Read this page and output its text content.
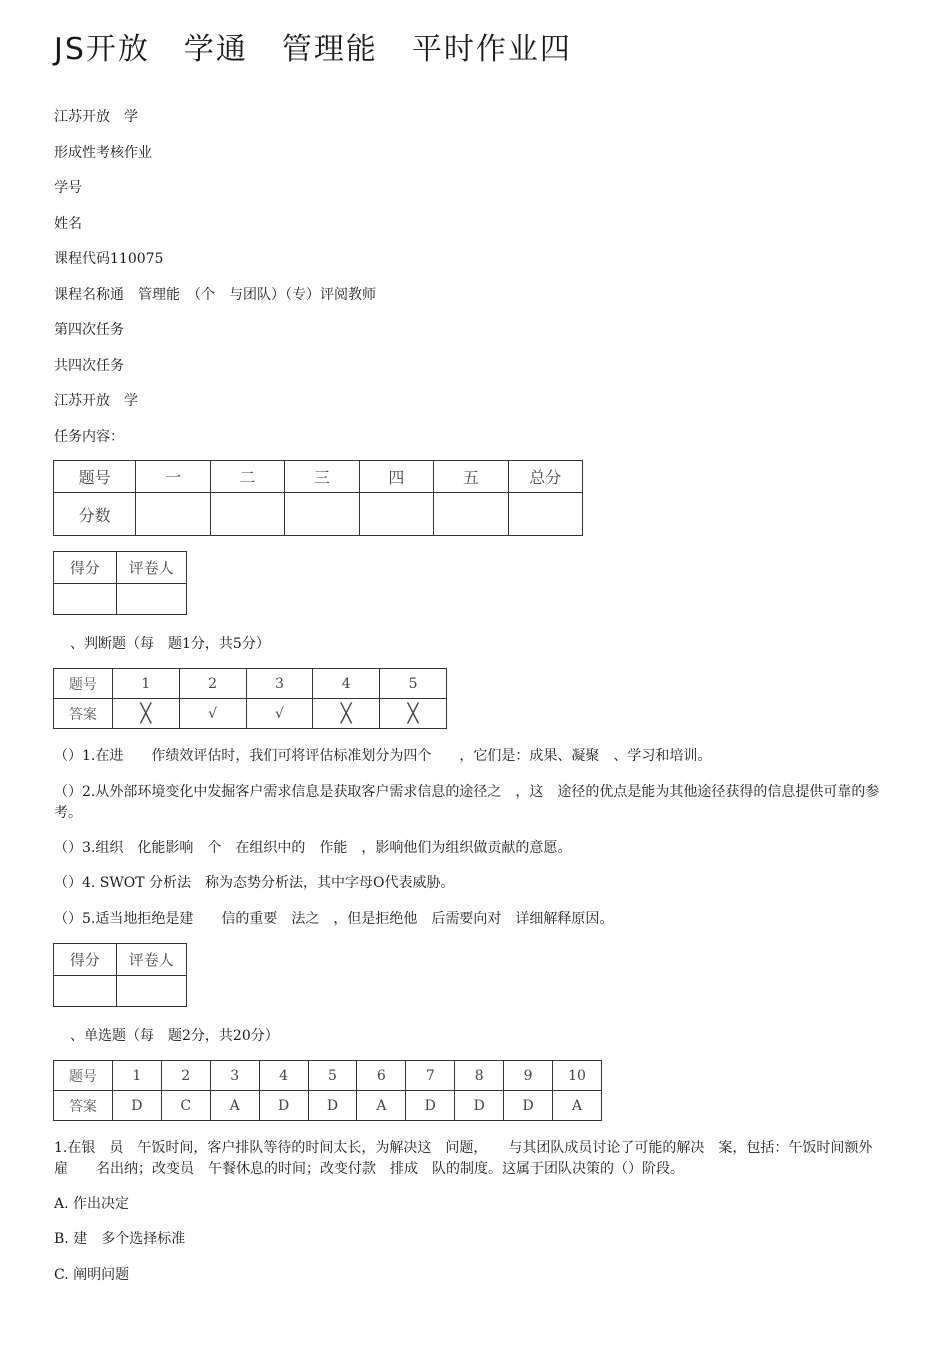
JS开放 学通 管理能 平时作业四
江苏开放　学
形成性考核作业
学号
姓名
课程代码110075
课程名称通　管理能　（个　与团队）（专）评阅教师
第四次任务
共四次任务
江苏开放　学
任务内容：
题号	一	二	三	四	五	总分
分数						
得分	评卷人

、判断题（每　题1分，共5分）
题号	1	2	3	4	5
答案	╳	√	√	╳	╳
（）1.在进　　作绩效评估时，我们可将评估标准划分为四个　　，它们是：成果、凝聚　、学习和培训。
（）2.从外部环境变化中发掘客户需求信息是获取客户需求信息的途径之　，这　途径的优点是能为其他途径获得的信息提供可靠的参考。
（）3.组织　化能影响　个　在组织中的　作能　，影响他们为组织做贡献的意愿。
（）4. SWOT 分析法　称为态势分析法，其中字母O代表威胁。
（）5.适当地拒绝是建　　信的重要　法之　，但是拒绝他　后需要向对　详细解释原因。
得分	评卷人

、单选题（每　题2分，共20分）
题号	1	2	3	4	5	6	7	8	9	10
答案	D	C	A	D	D	A	D	D	D	A
1.在银　员　午饭时间，客户排队等待的时间太长，为解决这　问题，　　与其团队成员讨论了可能的解决　案，包括：午饭时间额外雇　　名出纳；改变员　午餐休息的时间；改变付款　排成　队的制度。这属于团队决策的（）阶段。
A. 作出决定
B. 建　多个选择标准
C. 阐明问题
